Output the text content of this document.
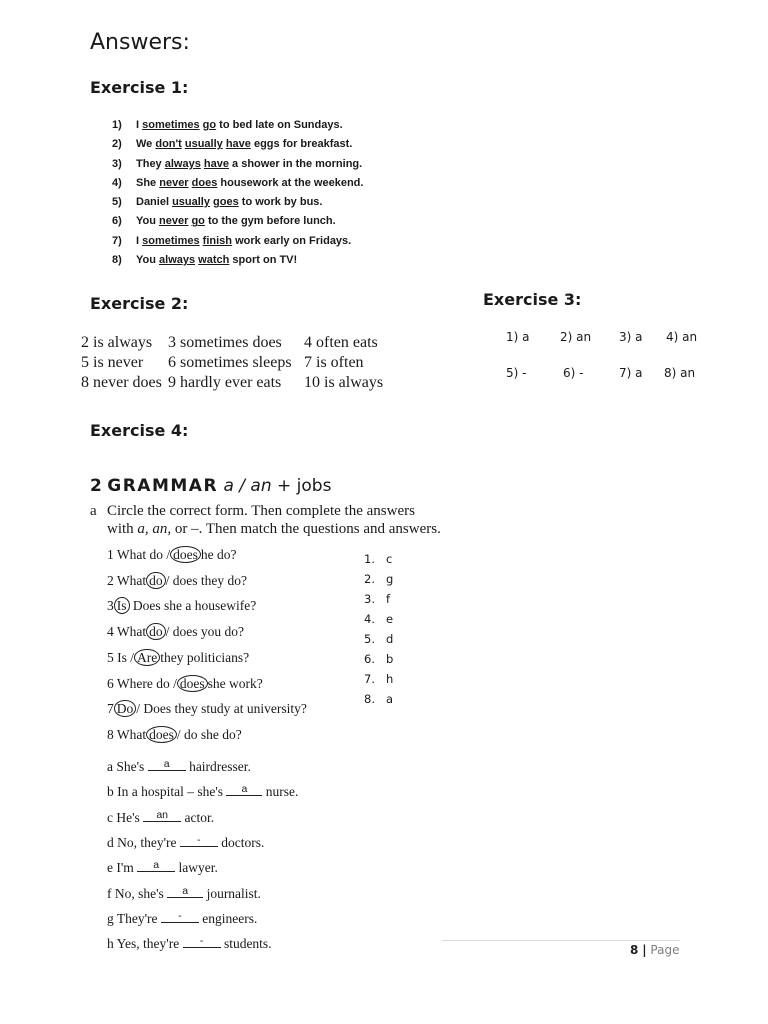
Answers:
Exercise 1:
1) I sometimes go to bed late on Sundays.
2) We don't usually have eggs for breakfast.
3) They always have a shower in the morning.
4) She never does housework at the weekend.
5) Daniel usually goes to work by bus.
6) You never go to the gym before lunch.
7) I sometimes finish work early on Fridays.
8) You always watch sport on TV!
Exercise 2:
2 is always 3 sometimes does 4 often eats
5 is never 6 sometimes sleeps 7 is often
8 never does 9 hardly ever eats 10 is always
Exercise 3:
1) a	2) an 3) a 4) an
5) -	6) -	7) a 8) an
Exercise 4:
2 GRAMMAR a / an + jobs
a Circle the correct form. Then complete the answers
with a, an, or –. Then match the questions and answers.
1 What do / does he do?
2 What do / does they do?
3 Is Does she a housewife?
4 What do / does you do?
5 Is / Are they politicians?
6 Where do / does she work?
7 Do / Does they study at university?
8 What does / do she do?
a She's a hairdresser.
b In a hospital – she's a nurse.
c He's an actor.
d No, they're - doctors.
e I'm a lawyer.
f No, she's a journalist.
g They're - engineers.
h Yes, they're - students.
1. c
2. g
3. f
4. e
5. d
6. b
7. h
8. a
8 | Page
